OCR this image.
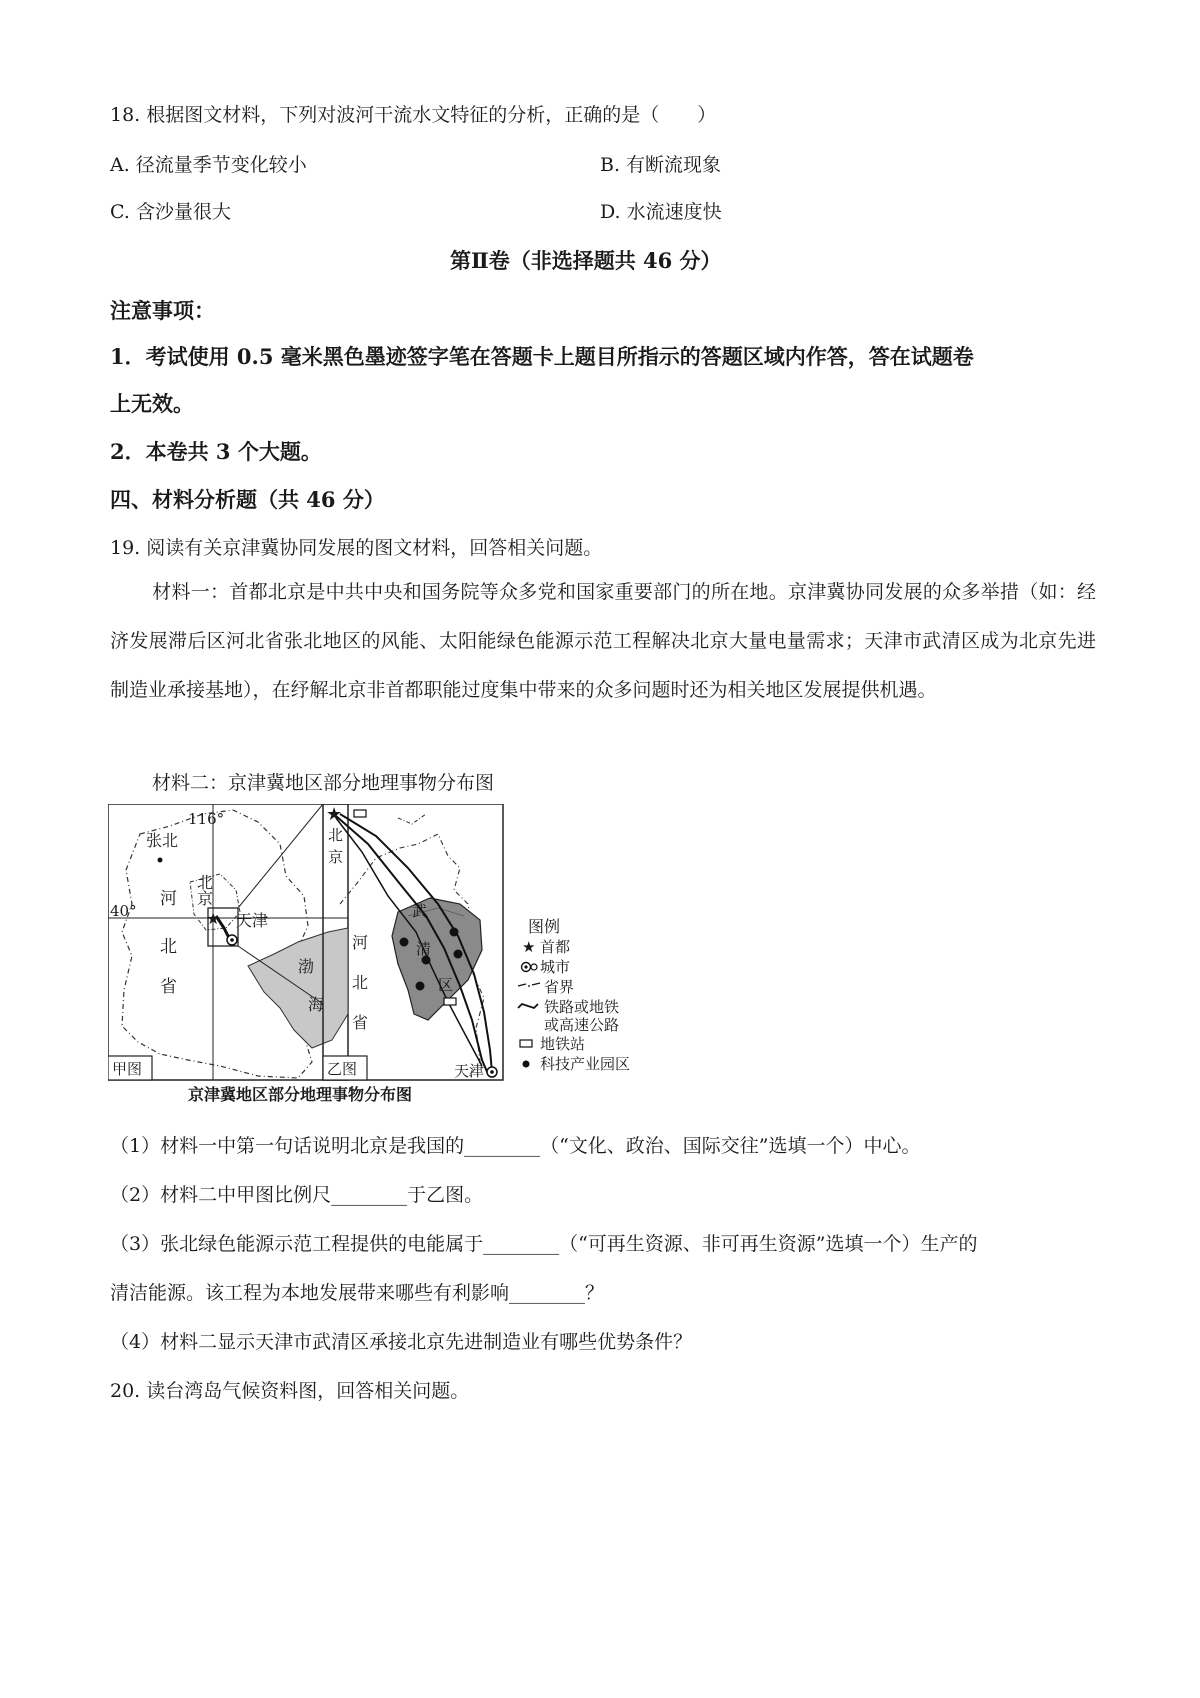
18. 根据图文材料，下列对波河干流水文特征的分析，正确的是（　　）
A. 径流量季节变化较小	B. 有断流现象
C. 含沙量很大	D. 水流速度快
第Ⅱ卷（非选择题共 46 分）
注意事项：
1．考试使用 0.5 毫米黑色墨迹签字笔在答题卡上题目所指示的答题区域内作答，答在试题卷
上无效。
2．本卷共 3 个大题。
四、材料分析题（共 46 分）
19. 阅读有关京津冀协同发展的图文材料，回答相关问题。
材料一：首都北京是中共中央和国务院等众多党和国家重要部门的所在地。京津冀协同发展的众多举措（如：经济发展滞后区河北省张北地区的风能、太阳能绿色能源示范工程解决北京大量电量需求；天津市武清区成为北京先进制造业承接基地），在纾解北京非首都职能过度集中带来的众多问题时还为相关地区发展提供机遇。
材料二：京津冀地区部分地理事物分布图
★
116°
40°
张北
北京
天津
河
北
省
渤
海
甲图
★
北
京
天津
河
北
省
武
清
区
乙图
图例
★ 首都
城市
省界
铁路或地铁
或高速公路
地铁站
科技产业园区
京津冀地区部分地理事物分布图
（1）材料一中第一句话说明北京是我国的________（“文化、政治、国际交往”选填一个）中心。
（2）材料二中甲图比例尺________于乙图。
（3）张北绿色能源示范工程提供的电能属于________（“可再生资源、非可再生资源”选填一个）生产的
清洁能源。该工程为本地发展带来哪些有利影响________？
（4）材料二显示天津市武清区承接北京先进制造业有哪些优势条件？
20. 读台湾岛气候资料图，回答相关问题。
